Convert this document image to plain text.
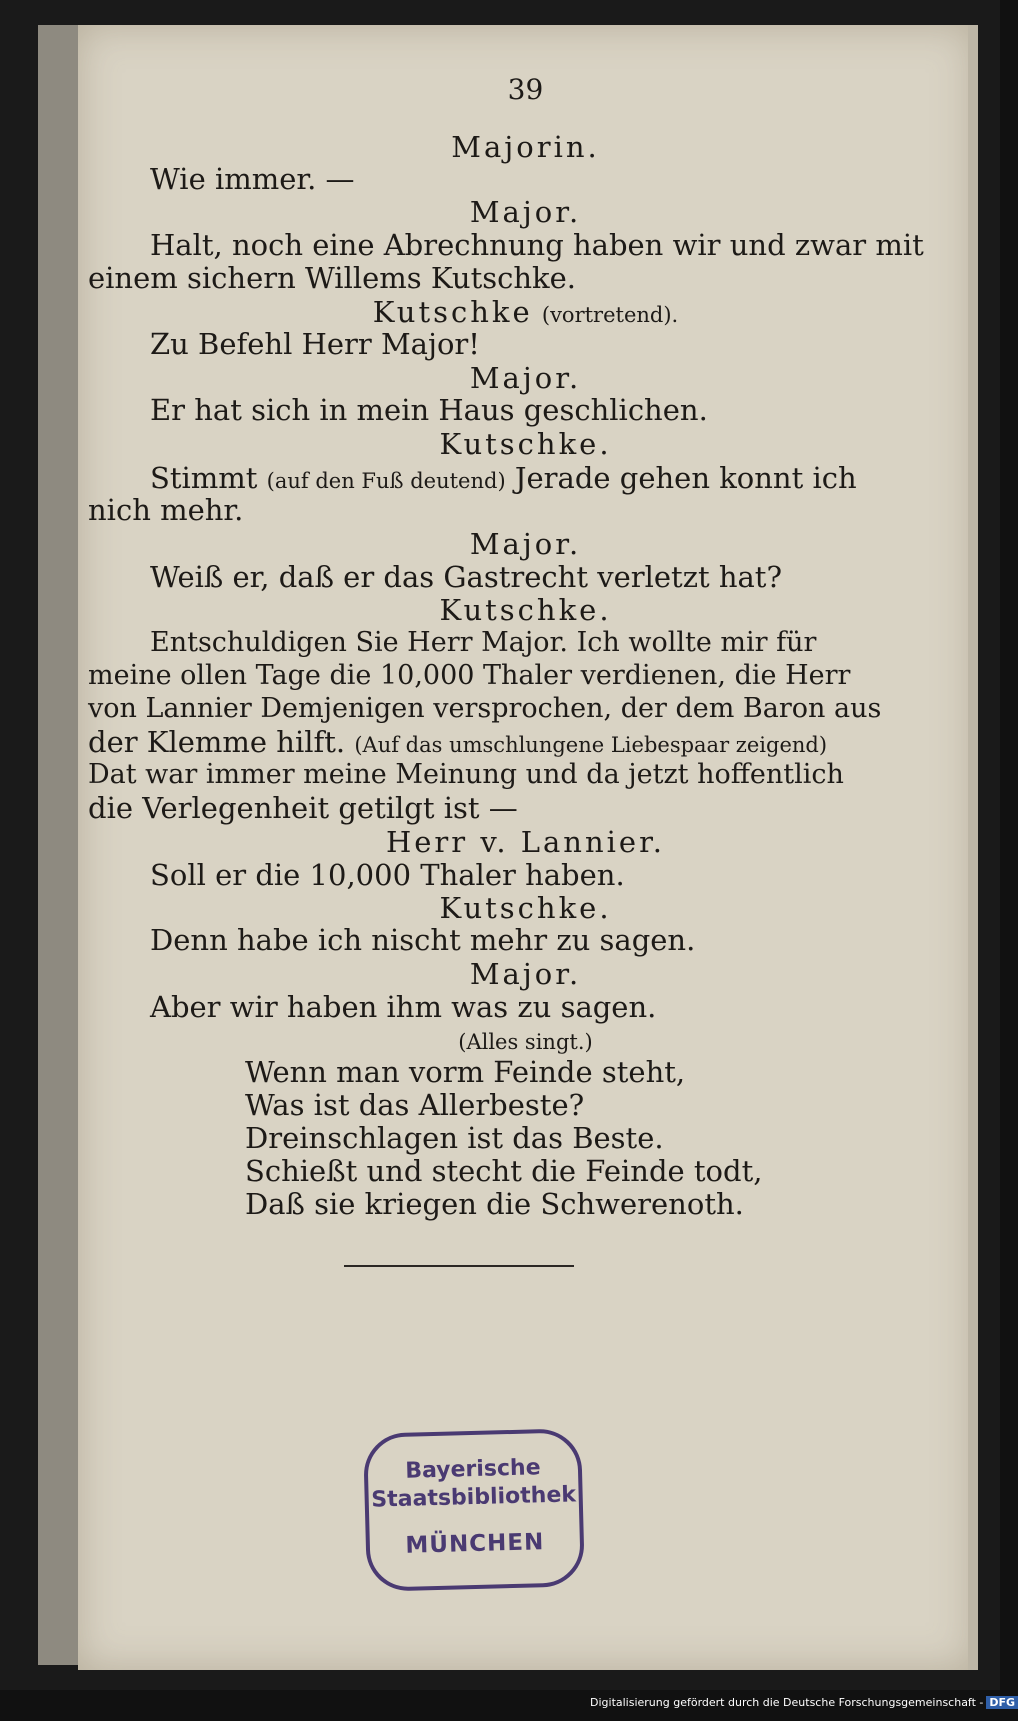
39
Majorin.
Wie immer. —
Major.
Halt, noch eine Abrechnung haben wir und zwar mit
einem sichern Willems Kutschke.
Kutschke (vortretend).
Zu Befehl Herr Major!
Major.
Er hat sich in mein Haus geschlichen.
Kutschke.
Stimmt (auf den Fuß deutend) Jerade gehen konnt ich
nich mehr.
Major.
Weiß er, daß er das Gastrecht verletzt hat?
Kutschke.
Entschuldigen Sie Herr Major. Ich wollte mir für
meine ollen Tage die 10,000 Thaler verdienen, die Herr
von Lannier Demjenigen versprochen, der dem Baron aus
der Klemme hilft. (Auf das umschlungene Liebespaar zeigend)
Dat war immer meine Meinung und da jetzt hoffentlich
die Verlegenheit getilgt ist —
Herr v. Lannier.
Soll er die 10,000 Thaler haben.
Kutschke.
Denn habe ich nischt mehr zu sagen.
Major.
Aber wir haben ihm was zu sagen.
(Alles singt.)
Wenn man vorm Feinde steht,
Was ist das Allerbeste?
Dreinschlagen ist das Beste.
Schießt und stecht die Feinde todt,
Daß sie kriegen die Schwerenoth.
Bayerische
Staatsbibliothek
MÜNCHEN
Digitalisierung gefördert durch die Deutsche Forschungsgemeinschaft - DFG
